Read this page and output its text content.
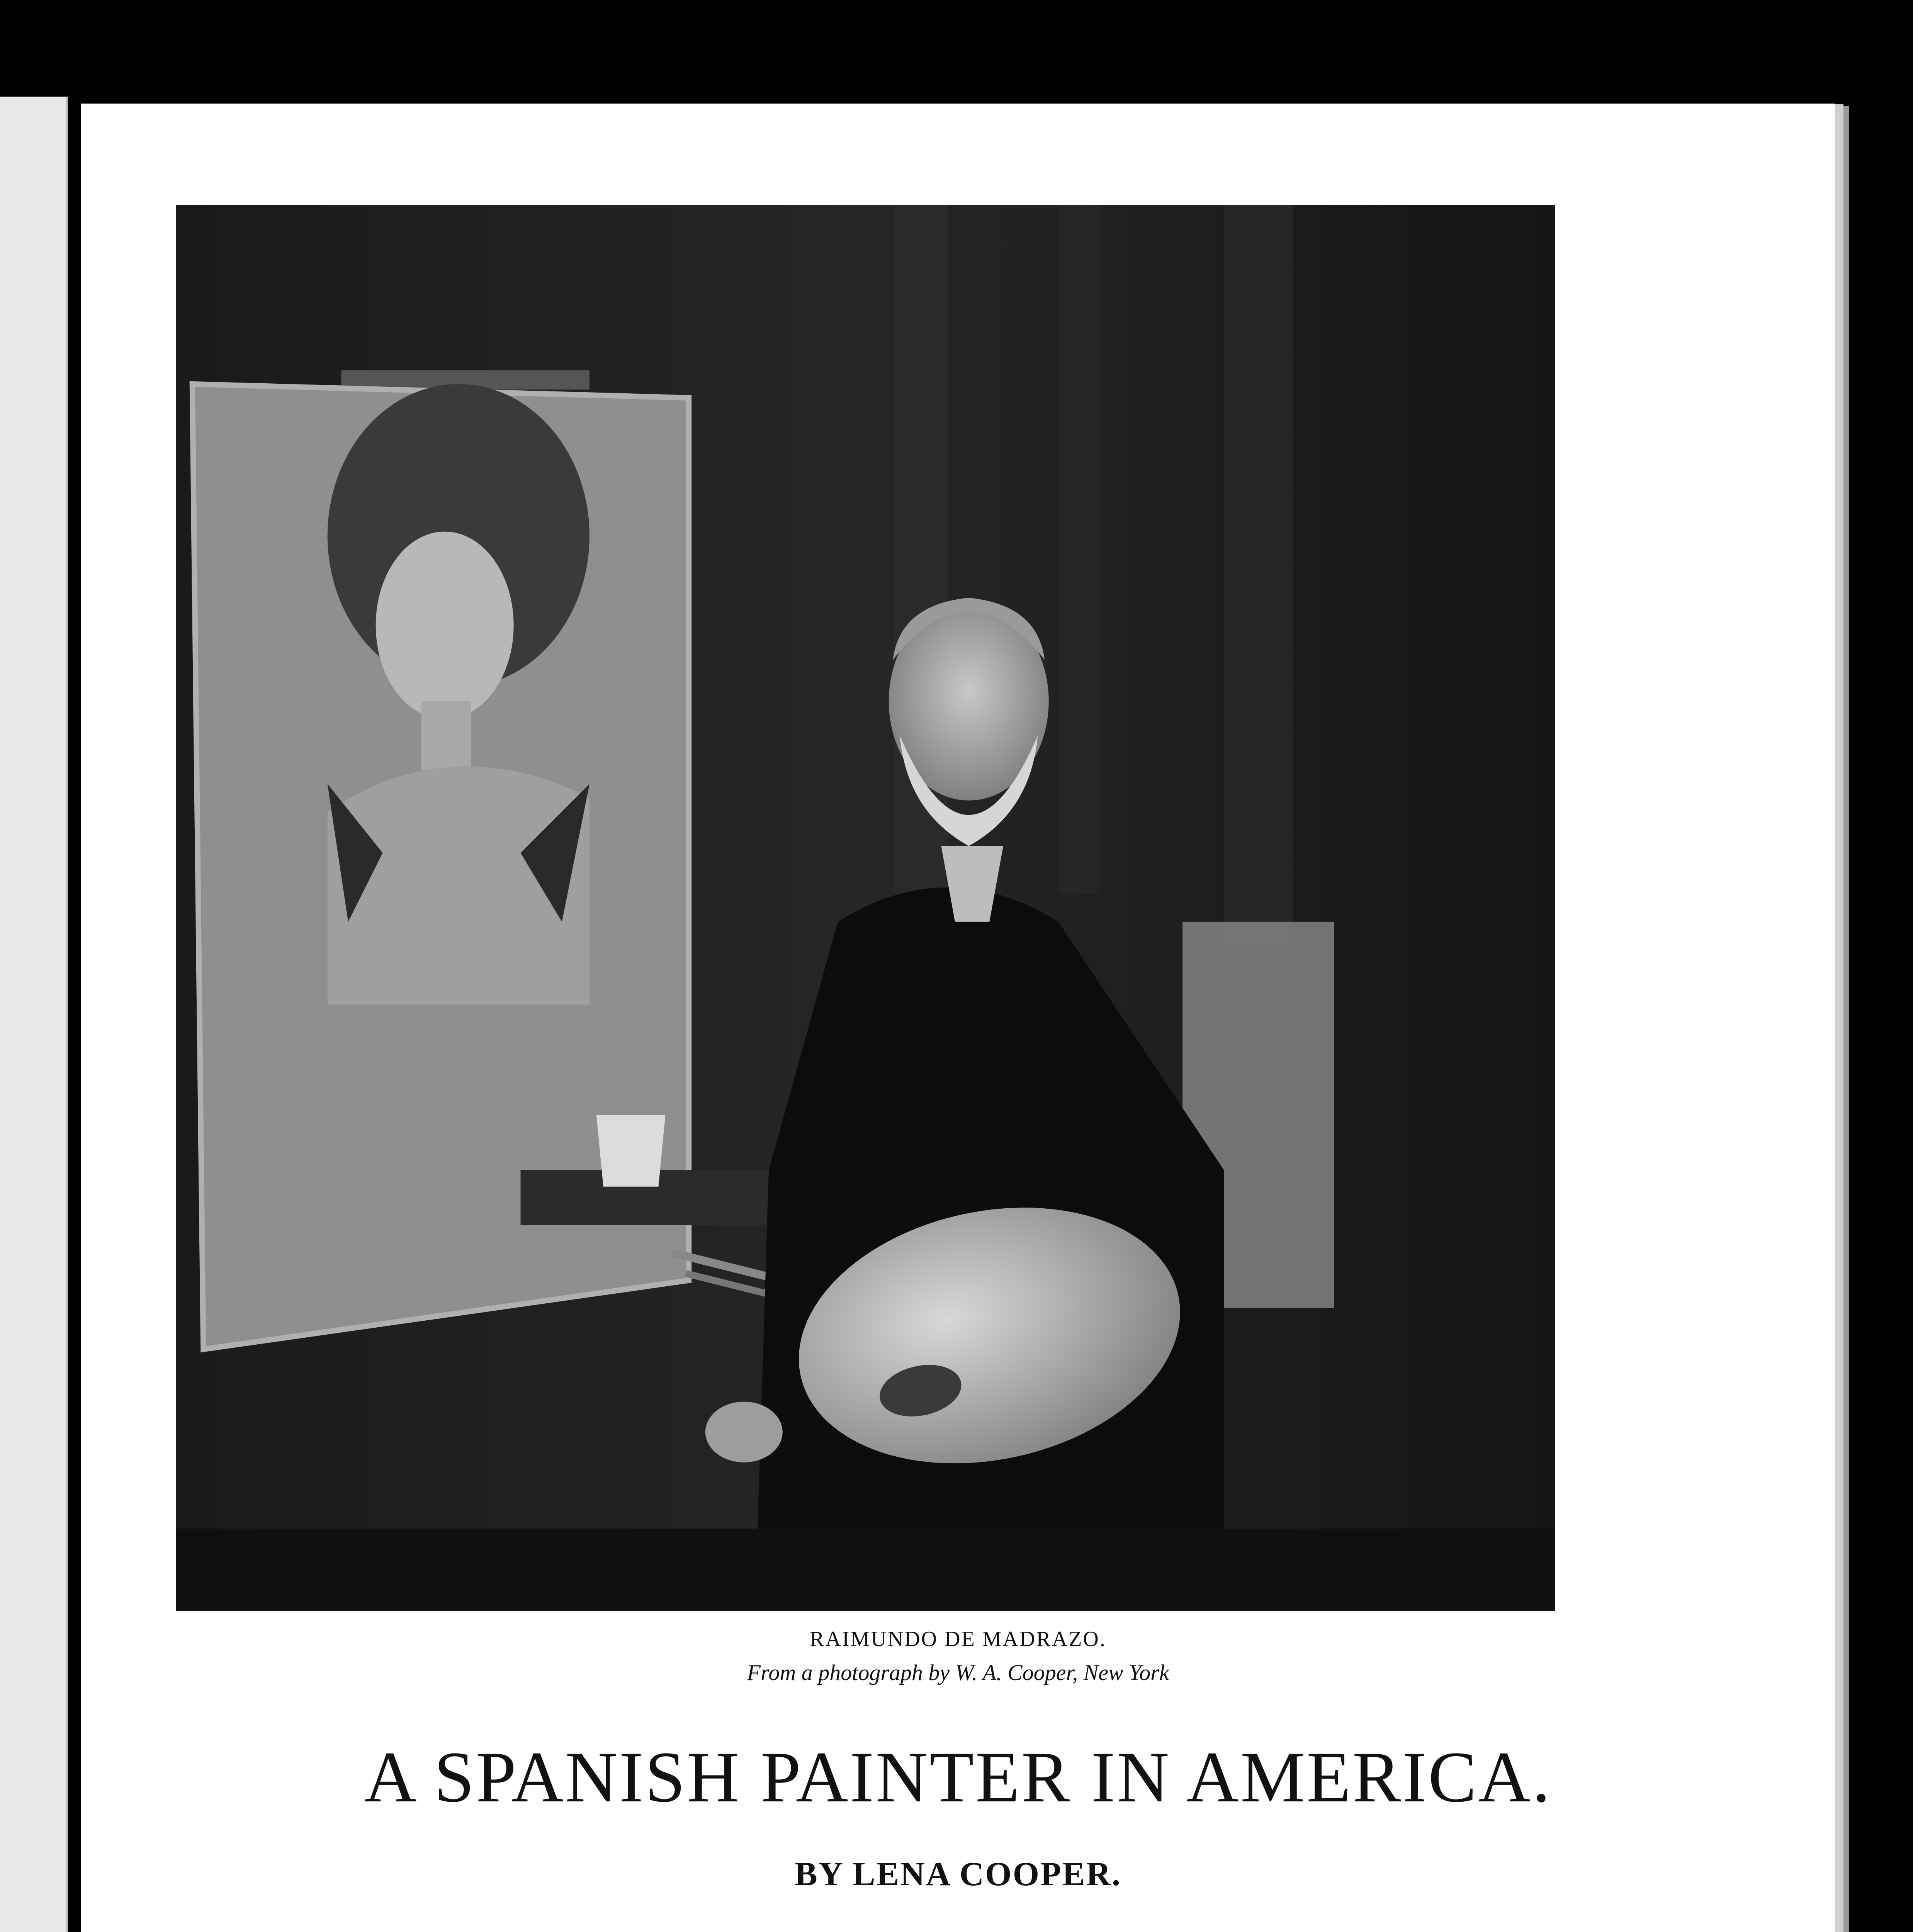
RAIMUNDO DE MADRAZO.
From a photograph by W. A. Cooper, New York
A SPANISH PAINTER IN AMERICA.
BY LENA COOPER.
